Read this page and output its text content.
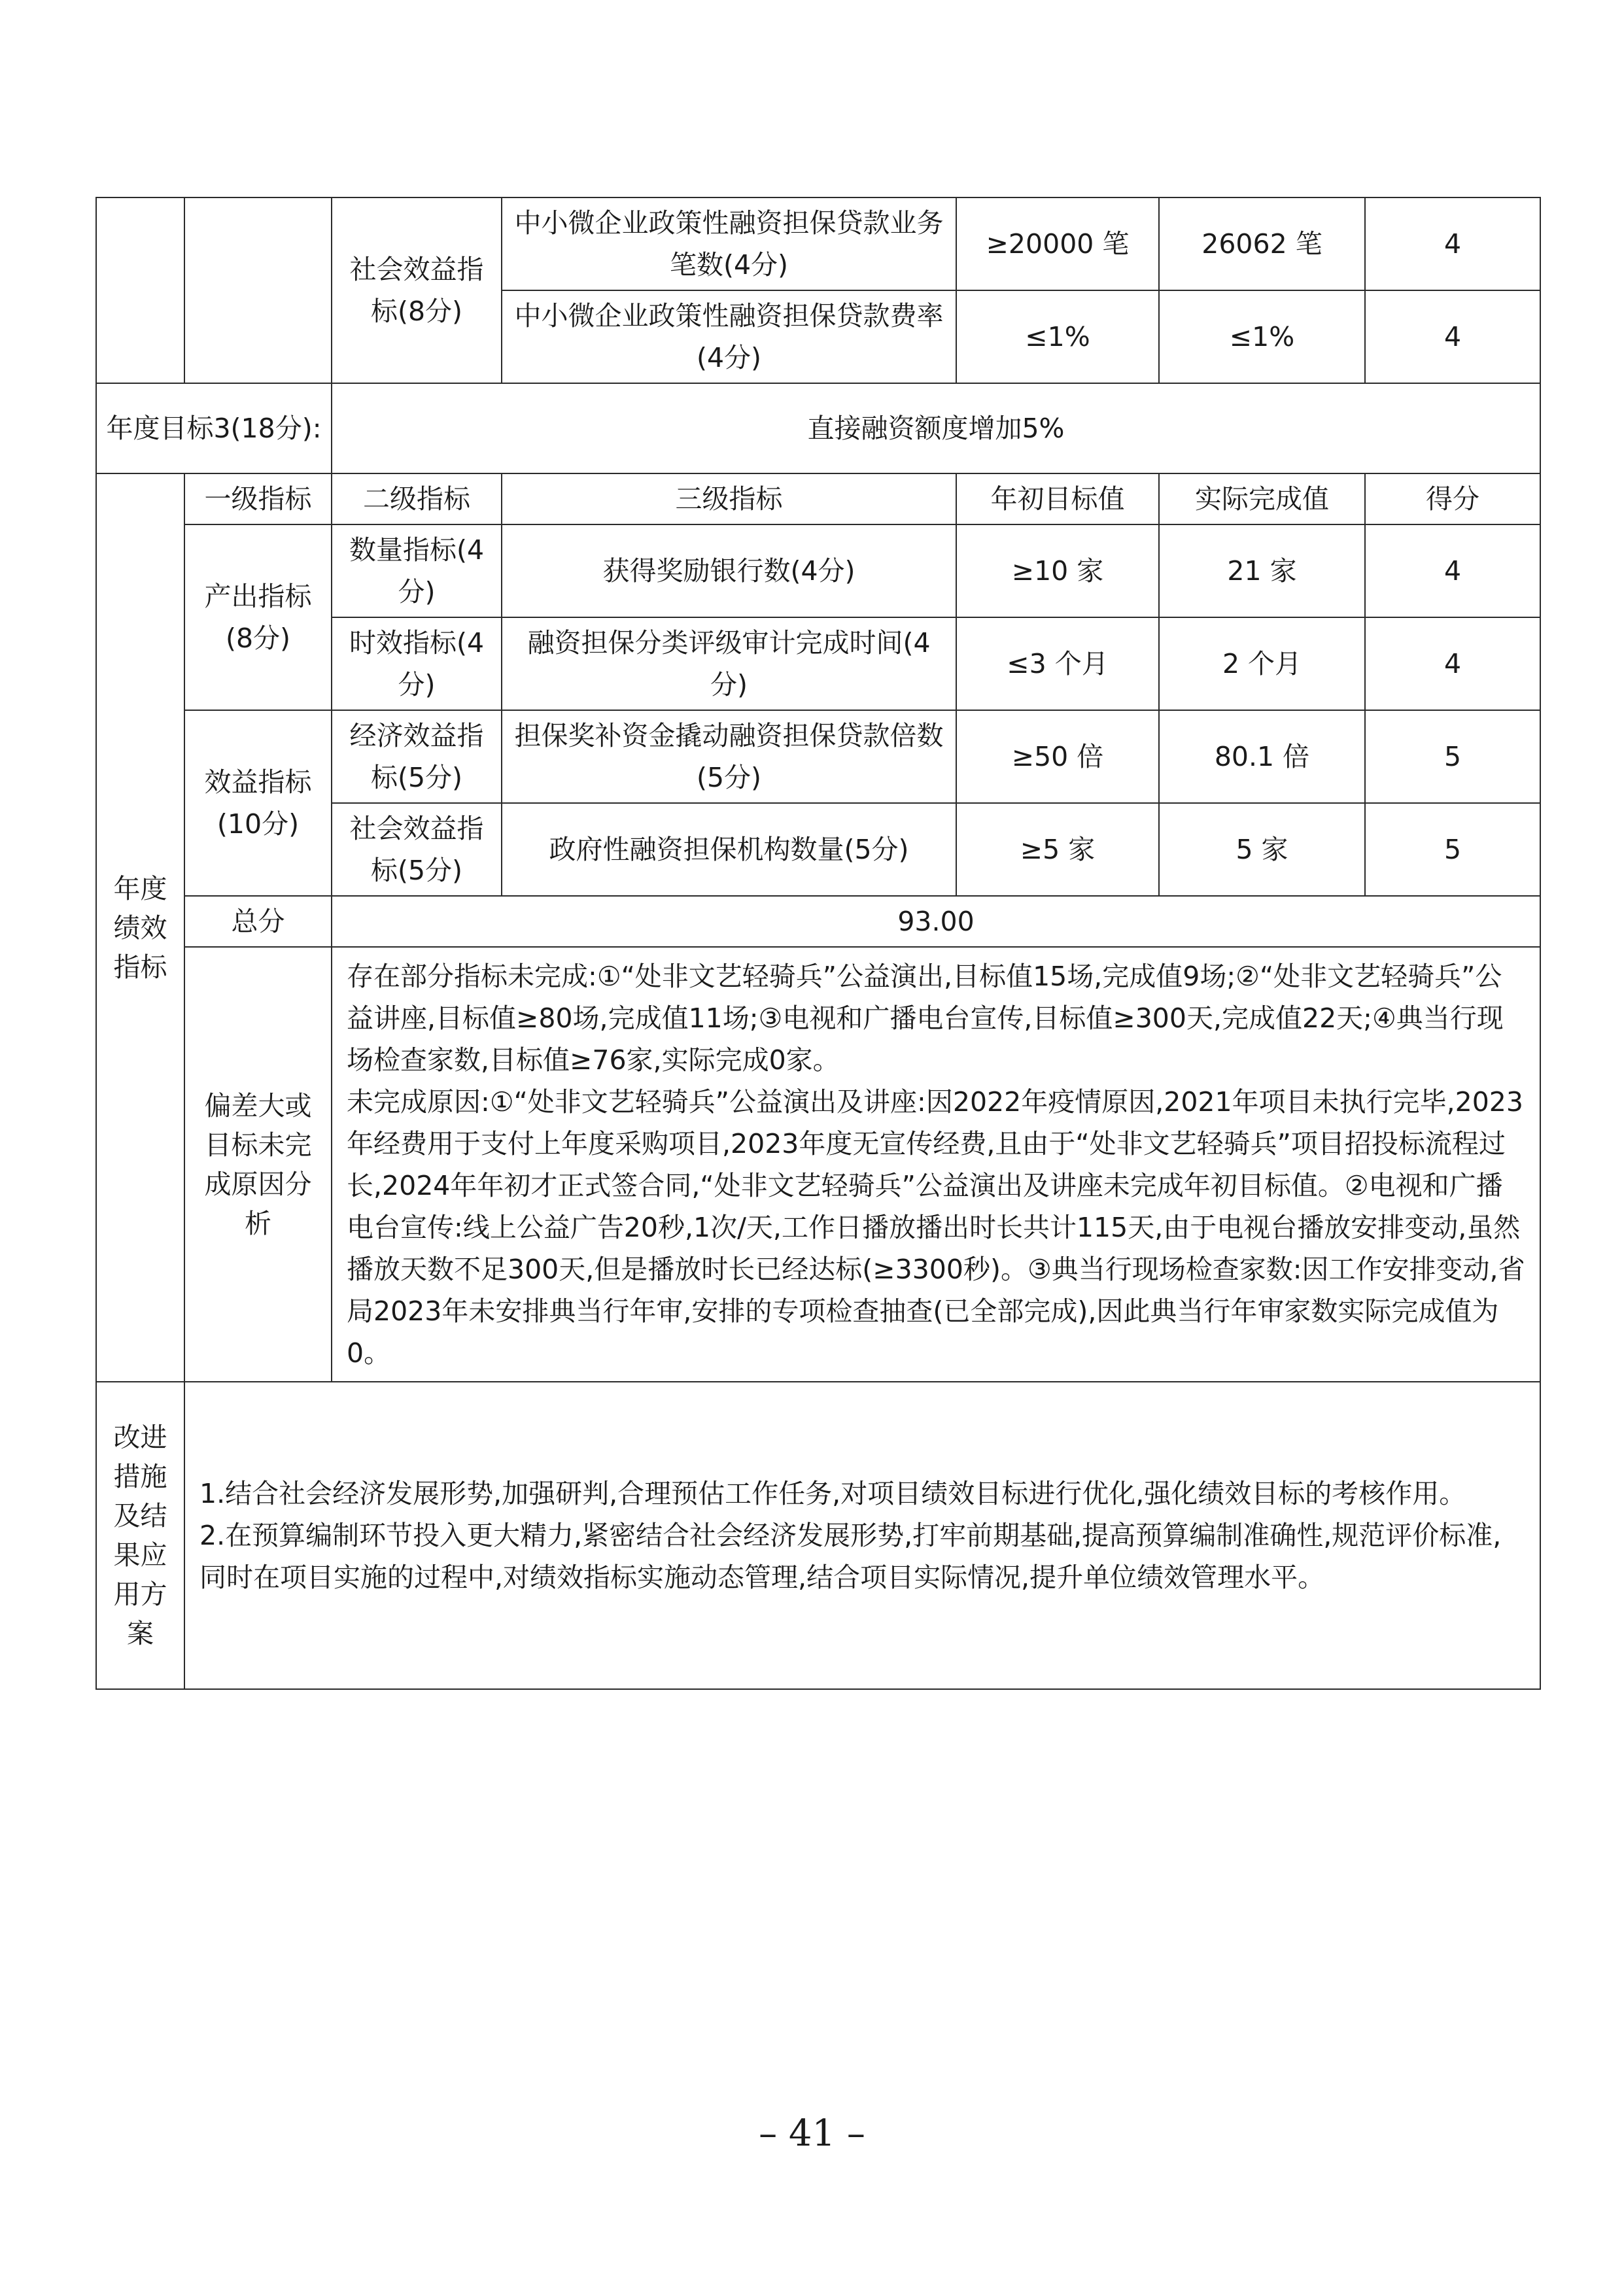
		社会效益指标(8分)	中小微企业政策性融资担保贷款业务笔数(4分)	≥20000 笔	26062 笔	4
			中小微企业政策性融资担保贷款费率(4分)	≤1%	≤1%	4
年度目标3(18分):		直接融资额度增加5%				
年度绩效指标	一级指标	二级指标	三级指标	年初目标值	实际完成值	得分
	产出指标(8分)	数量指标(4分)	获得奖励银行数(4分)	≥10 家	21 家	4
		时效指标(4分)	融资担保分类评级审计完成时间(4分)	≤3 个月	2 个月	4
	效益指标(10分)	经济效益指标(5分)	担保奖补资金撬动融资担保贷款倍数(5分)	≥50 倍	80.1 倍	5
		社会效益指标(5分)	政府性融资担保机构数量(5分)	≥5 家	5 家	5
	总分	93.00				
	偏差大或目标未完成原因分析	存在部分指标未完成:①“处非文艺轻骑兵”公益演出,目标值15场,完成值9场;②“处非文艺轻骑兵”公益讲座,目标值≥80场,完成值11场;③电视和广播电台宣传,目标值≥300天,完成值22天;④典当行现场检查家数,目标值≥76家,实际完成0家。

未完成原因:①“处非文艺轻骑兵”公益演出及讲座:因2022年疫情原因,2021年项目未执行完毕,2023年经费用于支付上年度采购项目,2023年度无宣传经费,且由于“处非文艺轻骑兵”项目招投标流程过长,2024年年初才正式签合同,“处非文艺轻骑兵”公益演出及讲座未完成年初目标值。②电视和广播电台宣传:线上公益广告20秒,1次/天,工作日播放播出时长共计115天,由于电视台播放安排变动,虽然播放天数不足300天,但是播放时长已经达标(≥3300秒)。③典当行现场检查家数:因工作安排变动,省局2023年未安排典当行年审,安排的专项检查抽查(已全部完成),因此典当行年审家数实际完成值为0。				

改进措施及结果应用方案	1.结合社会经济发展形势,加强研判,合理预估工作任务,对项目绩效目标进行优化,强化绩效目标的考核作用。

2.在预算编制环节投入更大精力,紧密结合社会经济发展形势,打牢前期基础,提高预算编制准确性,规范评价标准,同时在项目实施的过程中,对绩效指标实施动态管理,结合项目实际情况,提升单位绩效管理水平。					

– 41 –
